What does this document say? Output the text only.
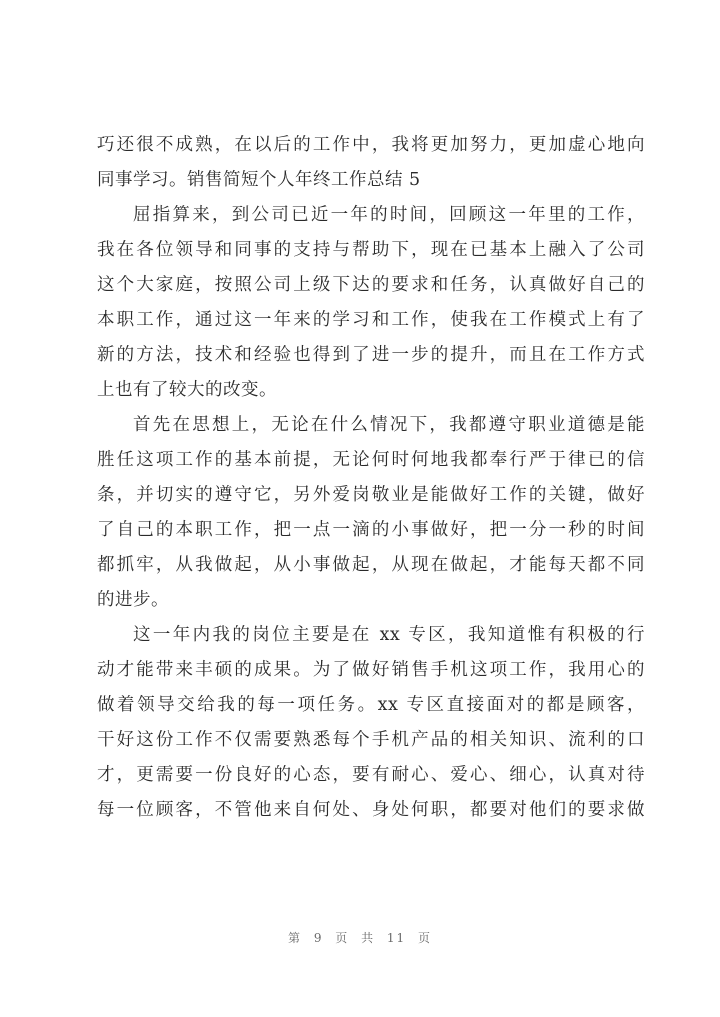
巧还很不成熟，在以后的工作中，我将更加努力，更加虚心地向
同事学习。销售简短个人年终工作总结 5
屈指算来，到公司已近一年的时间，回顾这一年里的工作，
我在各位领导和同事的支持与帮助下，现在已基本上融入了公司
这个大家庭，按照公司上级下达的要求和任务，认真做好自己的
本职工作，通过这一年来的学习和工作，使我在工作模式上有了
新的方法，技术和经验也得到了进一步的提升，而且在工作方式
上也有了较大的改变。
首先在思想上，无论在什么情况下，我都遵守职业道德是能
胜任这项工作的基本前提，无论何时何地我都奉行严于律已的信
条，并切实的遵守它，另外爱岗敬业是能做好工作的关键，做好
了自己的本职工作，把一点一滴的小事做好，把一分一秒的时间
都抓牢，从我做起，从小事做起，从现在做起，才能每天都不同
的进步。
这一年内我的岗位主要是在 xx 专区，我知道惟有积极的行
动才能带来丰硕的成果。为了做好销售手机这项工作，我用心的
做着领导交给我的每一项任务。xx 专区直接面对的都是顾客，
干好这份工作不仅需要熟悉每个手机产品的相关知识、流利的口
才，更需要一份良好的心态，要有耐心、爱心、细心，认真对待
每一位顾客，不管他来自何处、身处何职，都要对他们的要求做
第 9 页 共 11 页
